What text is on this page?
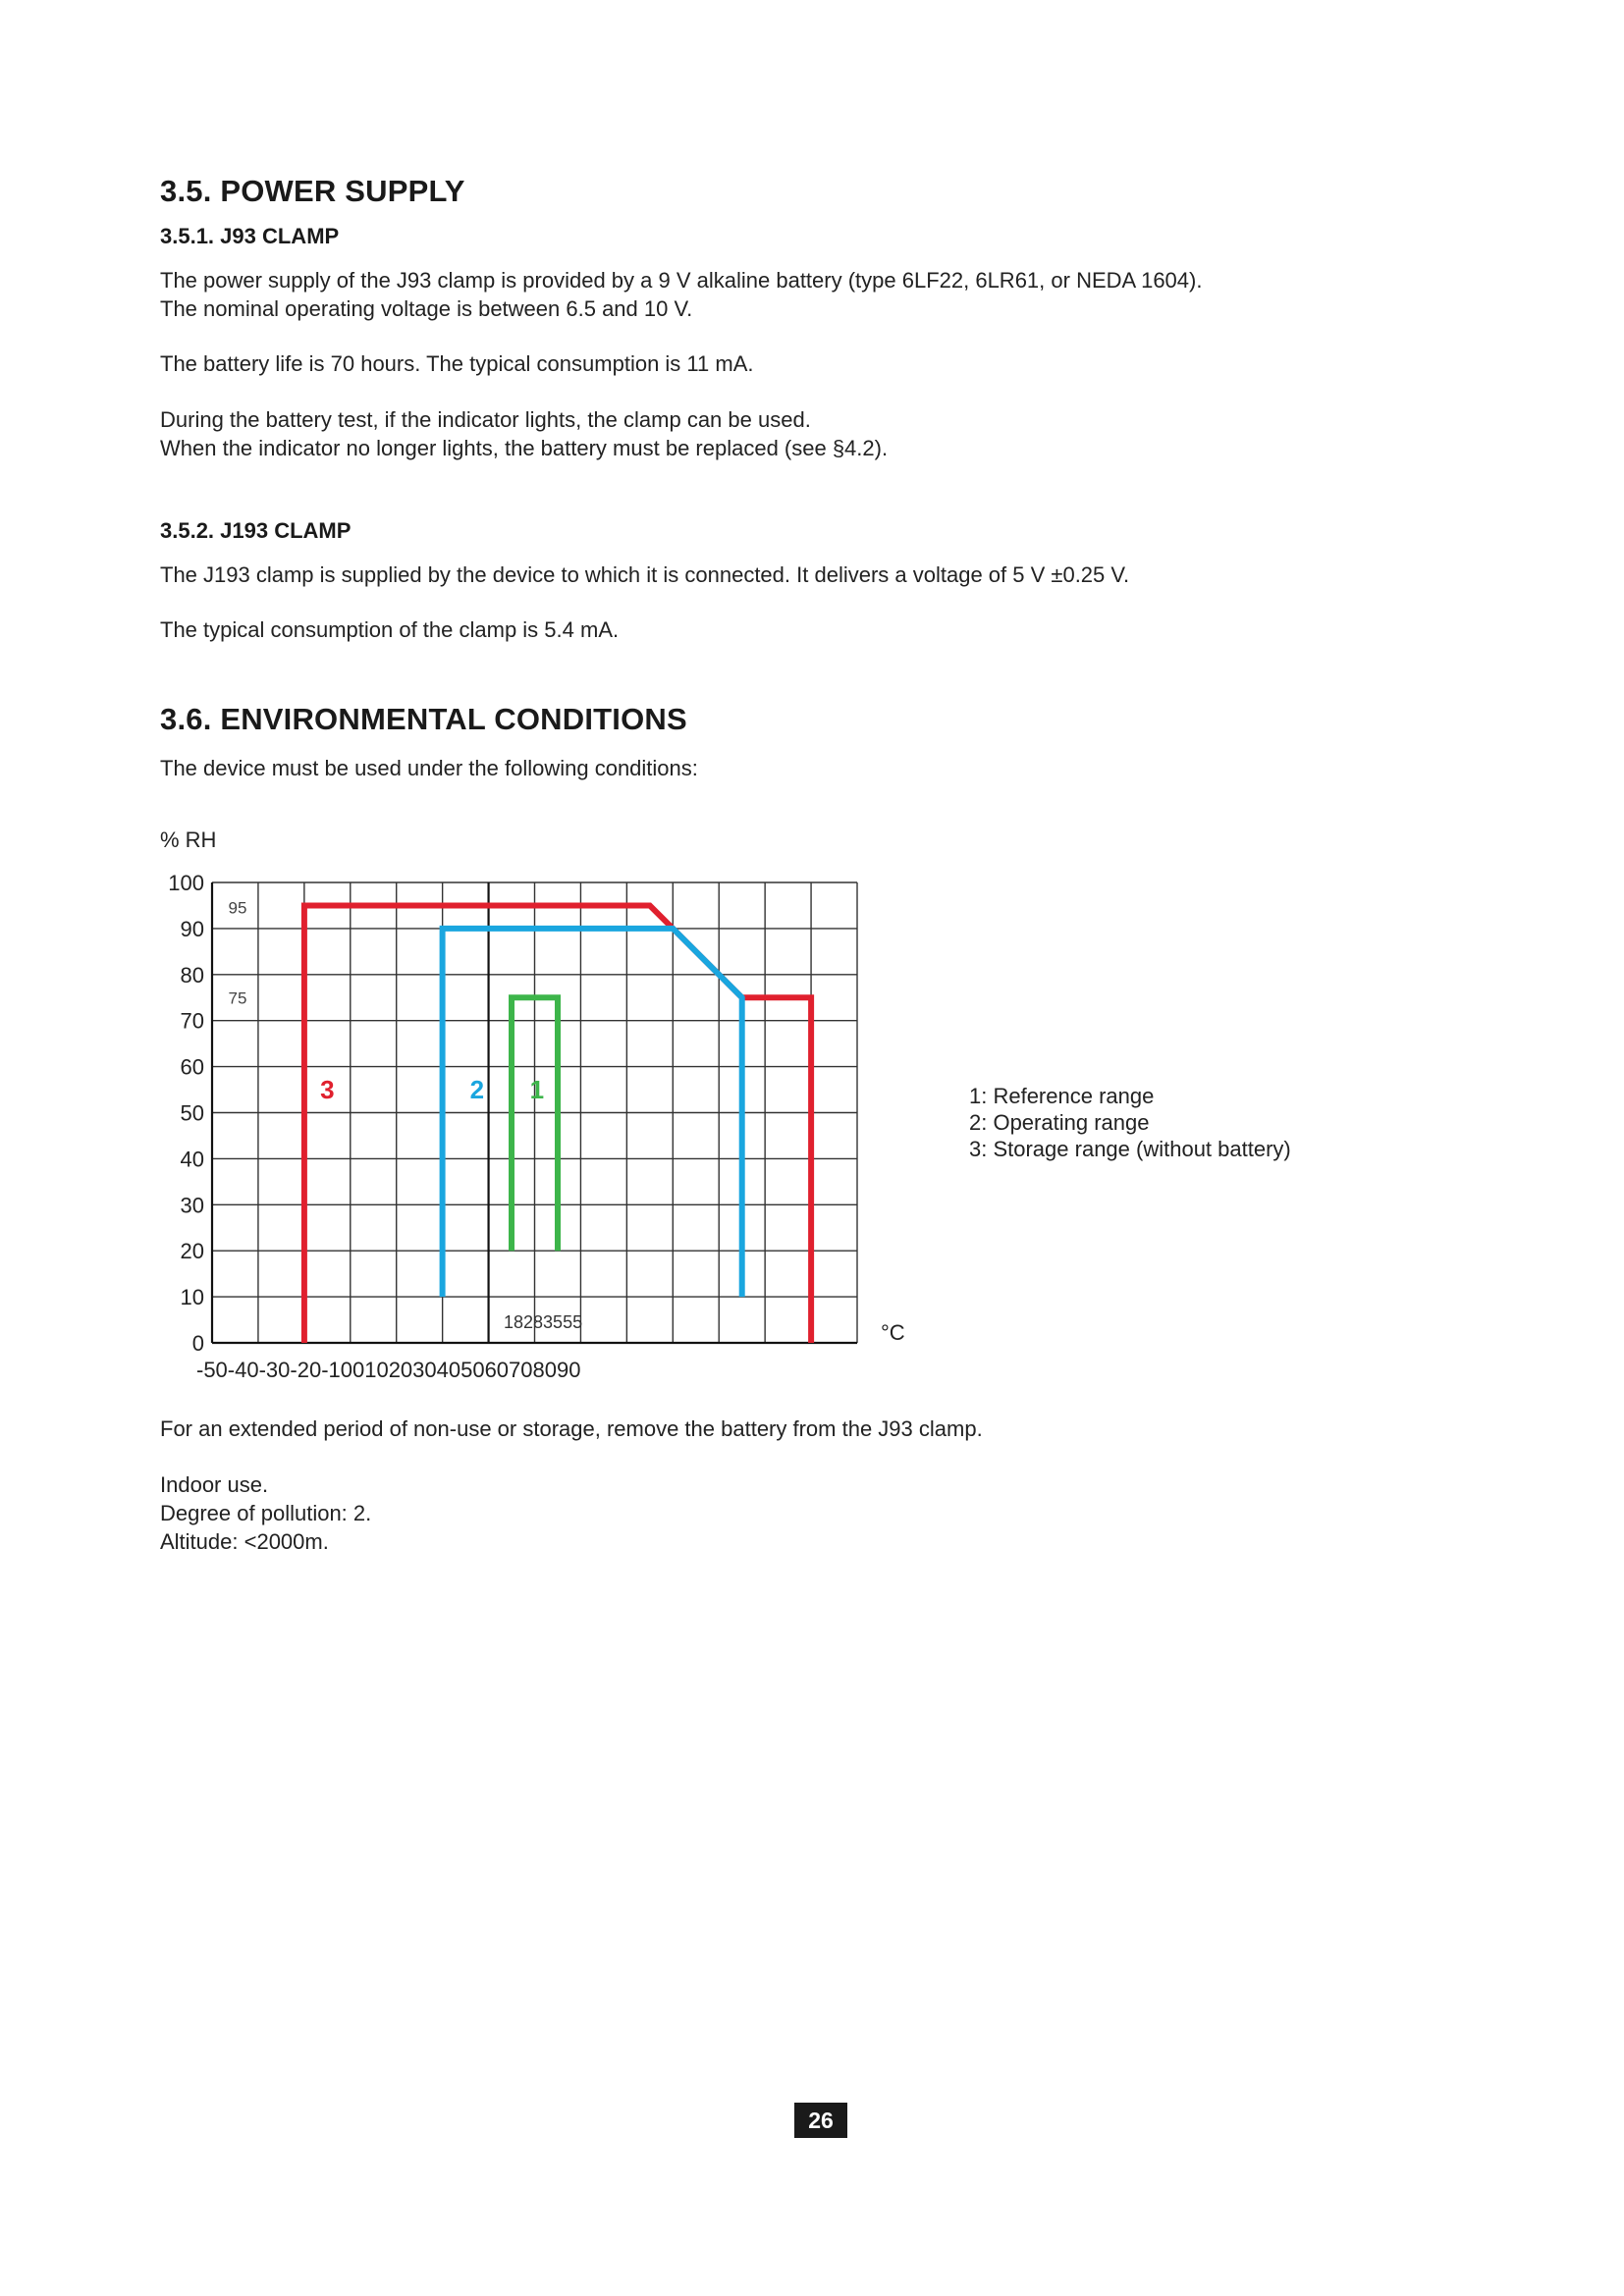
3.5. POWER SUPPLY
3.5.1. J93 CLAMP

The power supply of the J93 clamp is provided by a 9 V alkaline battery (type 6LF22, 6LR61, or NEDA 1604).

The nominal operating voltage is between 6.5 and 10 V.

The battery life is 70 hours. The typical consumption is 11 mA.

During the battery test, if the indicator lights, the clamp can be used.

When the indicator no longer lights, the battery must be replaced (see §4.2).

3.5.2. J193 CLAMP

The J193 clamp is supplied by the device to which it is connected. It delivers a voltage of 5 V ±0.25 V.

The typical consumption of the clamp is 5.4 mA.

3.6. ENVIRONMENTAL CONDITIONS

The device must be used under the following conditions:

3	2 1
0
10
20
30
40
50
60
70
80
90
100
95
75
% RH
°C
-50-40-30-20-100102030405060708090
18283555
1: Reference range
2: Operating range
3: Storage range (without battery)

For an extended period of non-use or storage, remove the battery from the J93 clamp.

Indoor use.

Degree of pollution: 2.

Altitude: <2000m.

26
